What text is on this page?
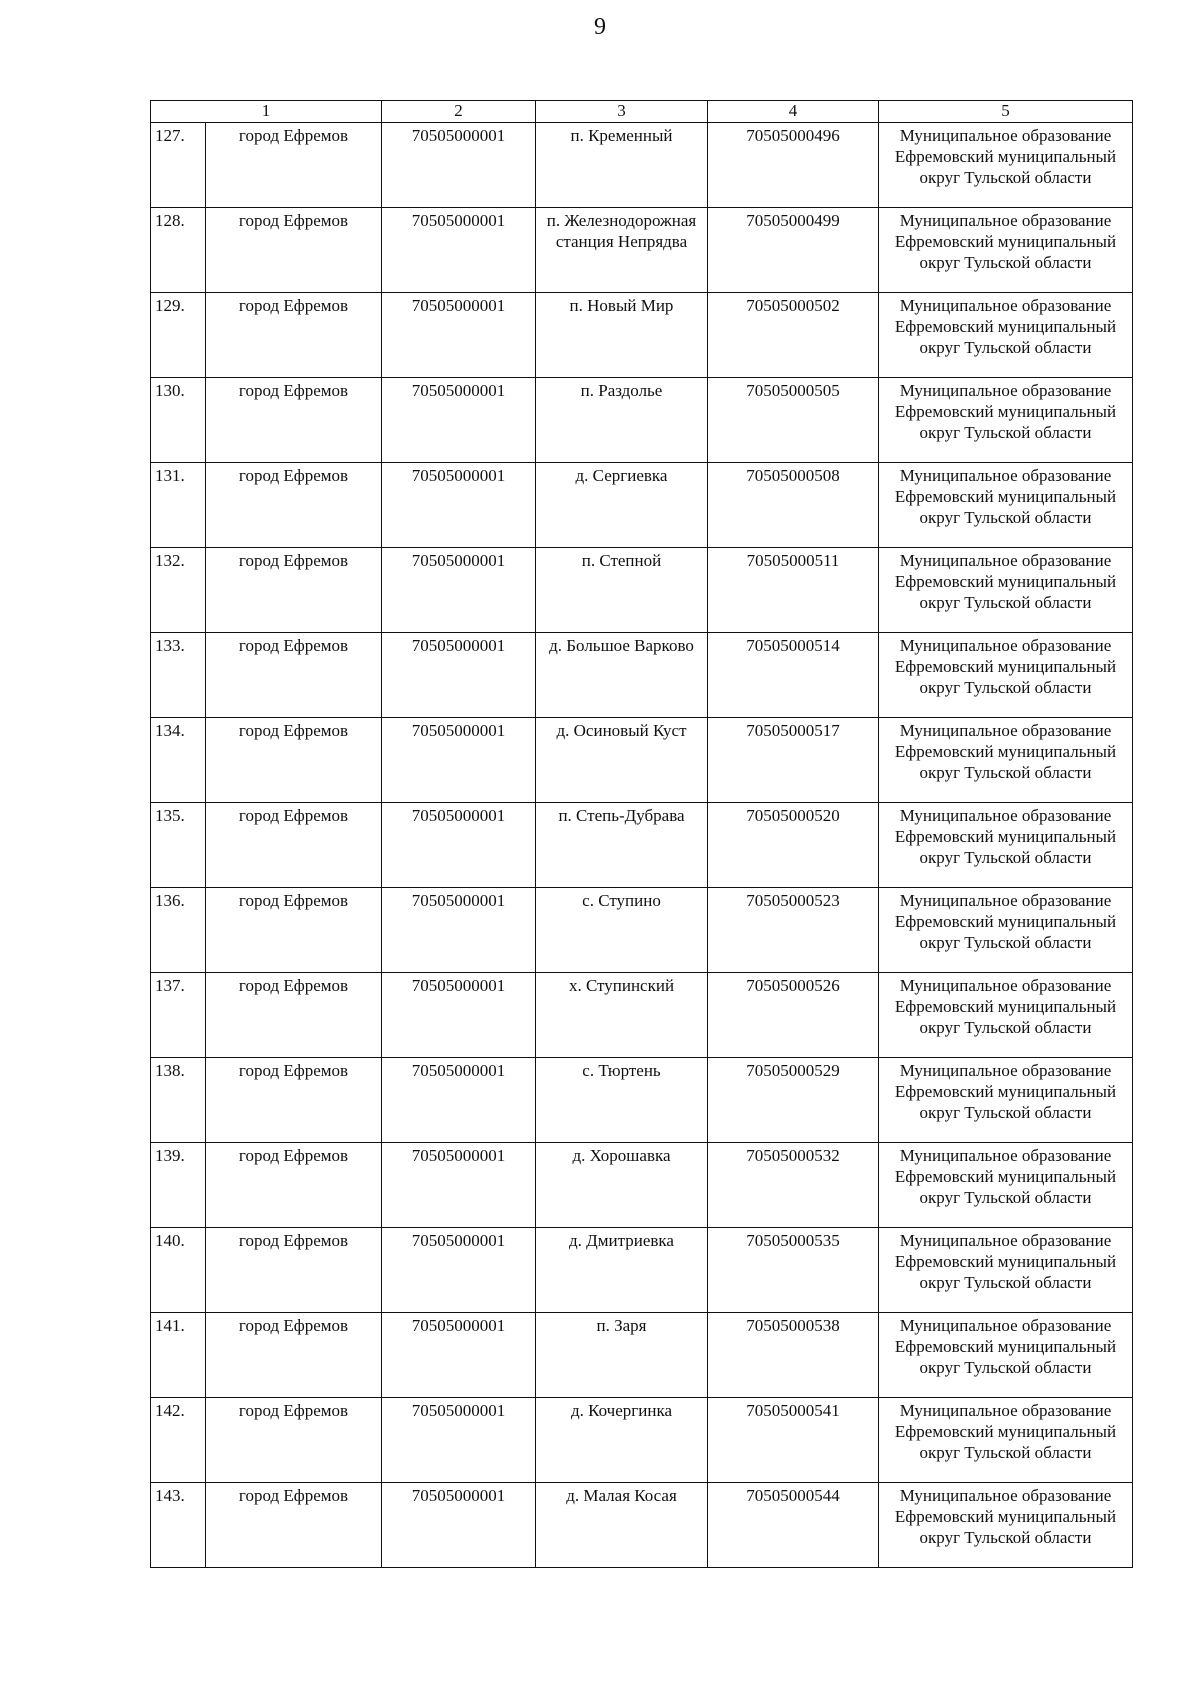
9
1		2	3	4	5
127.	город Ефремов	70505000001	п. Кременный	70505000496	Муниципальное образование Ефремовский муниципальный округ Тульской области
128.	город Ефремов	70505000001	п. Железнодорожная станция Непрядва	70505000499	Муниципальное образование Ефремовский муниципальный округ Тульской области
129.	город Ефремов	70505000001	п. Новый Мир	70505000502	Муниципальное образование Ефремовский муниципальный округ Тульской области
130.	город Ефремов	70505000001	п. Раздолье	70505000505	Муниципальное образование Ефремовский муниципальный округ Тульской области
131.	город Ефремов	70505000001	д. Сергиевка	70505000508	Муниципальное образование Ефремовский муниципальный округ Тульской области
132.	город Ефремов	70505000001	п. Степной	70505000511	Муниципальное образование Ефремовский муниципальный округ Тульской области
133.	город Ефремов	70505000001	д. Большое Варково	70505000514	Муниципальное образование Ефремовский муниципальный округ Тульской области
134.	город Ефремов	70505000001	д. Осиновый Куст	70505000517	Муниципальное образование Ефремовский муниципальный округ Тульской области
135.	город Ефремов	70505000001	п. Степь-Дубрава	70505000520	Муниципальное образование Ефремовский муниципальный округ Тульской области
136.	город Ефремов	70505000001	с. Ступино	70505000523	Муниципальное образование Ефремовский муниципальный округ Тульской области
137.	город Ефремов	70505000001	х. Ступинский	70505000526	Муниципальное образование Ефремовский муниципальный округ Тульской области
138.	город Ефремов	70505000001	с. Тюртень	70505000529	Муниципальное образование Ефремовский муниципальный округ Тульской области
139.	город Ефремов	70505000001	д. Хорошавка	70505000532	Муниципальное образование Ефремовский муниципальный округ Тульской области
140.	город Ефремов	70505000001	д. Дмитриевка	70505000535	Муниципальное образование Ефремовский муниципальный округ Тульской области
141.	город Ефремов	70505000001	п. Заря	70505000538	Муниципальное образование Ефремовский муниципальный округ Тульской области
142.	город Ефремов	70505000001	д. Кочергинка	70505000541	Муниципальное образование Ефремовский муниципальный округ Тульской области
143.	город Ефремов	70505000001	д. Малая Косая	70505000544	Муниципальное образование Ефремовский муниципальный округ Тульской области
